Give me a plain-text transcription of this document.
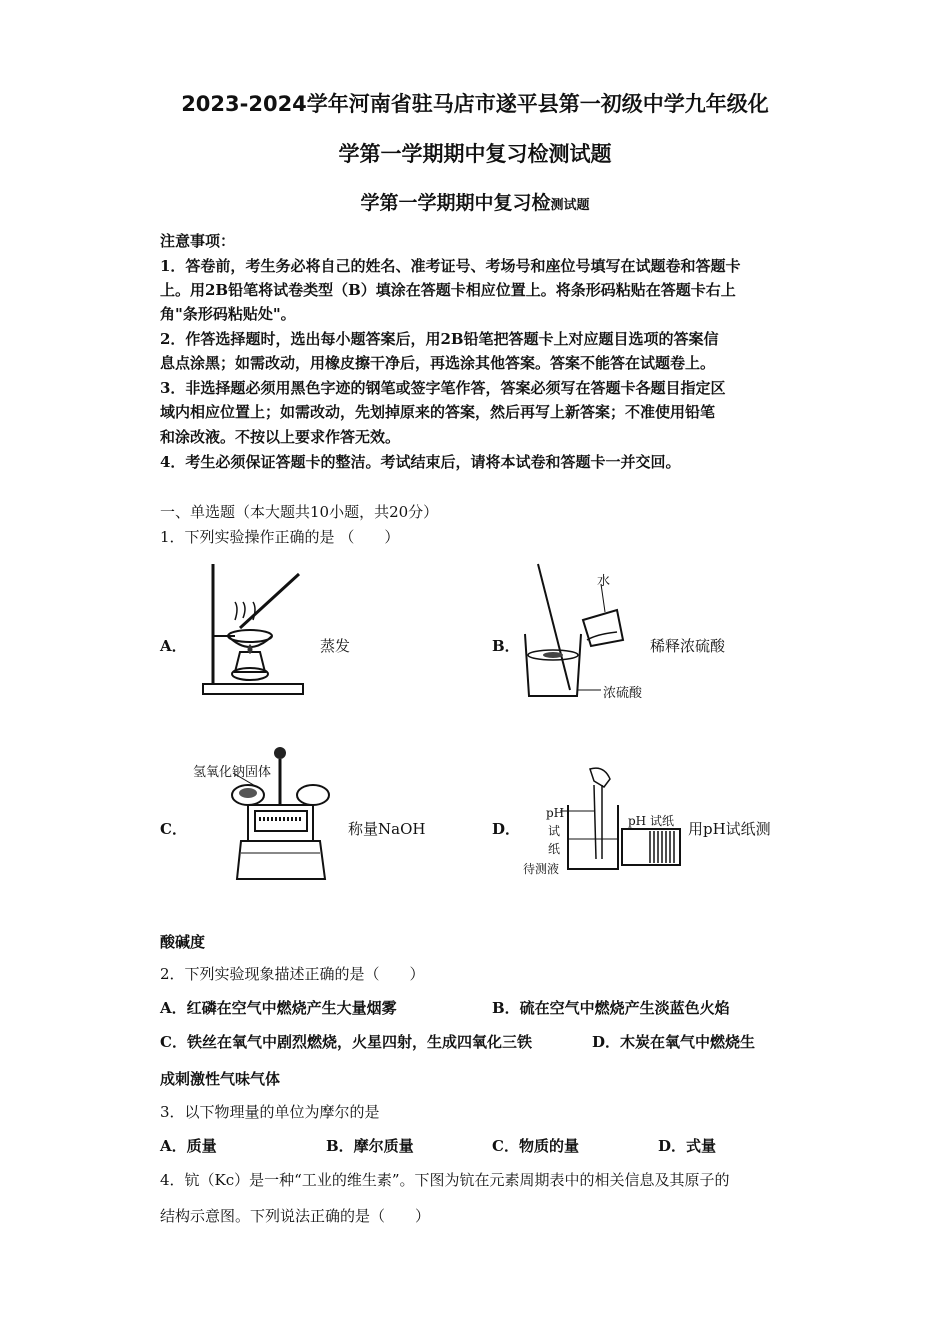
2023-2024学年河南省驻马店市遂平县第一初级中学九年级化
学第一学期期中复习检测试题
学第一学期期中复习检测试题
注意事项：
1．答卷前，考生务必将自己的姓名、准考证号、考场号和座位号填写在试题卷和答题卡
上。用2B铅笔将试卷类型（B）填涂在答题卡相应位置上。将条形码粘贴在答题卡右上
角"条形码粘贴处"。
2．作答选择题时，选出每小题答案后，用2B铅笔把答题卡上对应题目选项的答案信
息点涂黑；如需改动，用橡皮擦干净后，再选涂其他答案。答案不能答在试题卷上。
3．非选择题必须用黑色字迹的钢笔或签字笔作答，答案必须写在答题卡各题目指定区
域内相应位置上；如需改动，先划掉原来的答案，然后再写上新答案；不准使用铅笔
和涂改液。不按以上要求作答无效。
4．考生必须保证答题卡的整洁。考试结束后，请将本试卷和答题卡一并交回。
一、单选题（本大题共10小题，共20分）
1．下列实验操作正确的是 （　　）
A．	蒸发	B．
水
浓硫酸
稀释浓硫酸
C．
氢氧化钠固体
称量NaOH	D．
pH
试
纸
待测液
pH 试纸 用pH试纸测
酸碱度
2．下列实验现象描述正确的是（　　）
A．红磷在空气中燃烧产生大量烟雾	B．硫在空气中燃烧产生淡蓝色火焰
C．铁丝在氧气中剧烈燃烧，火星四射，生成四氧化三铁	D．木炭在氧气中燃烧生
成刺激性气味气体
3．以下物理量的单位为摩尔的是
A．质量	B．摩尔质量	C．物质的量	D．式量
4．钪（Kc）是一种“工业的维生素”。下图为钪在元素周期表中的相关信息及其原子的
结构示意图。下列说法正确的是（　　）
